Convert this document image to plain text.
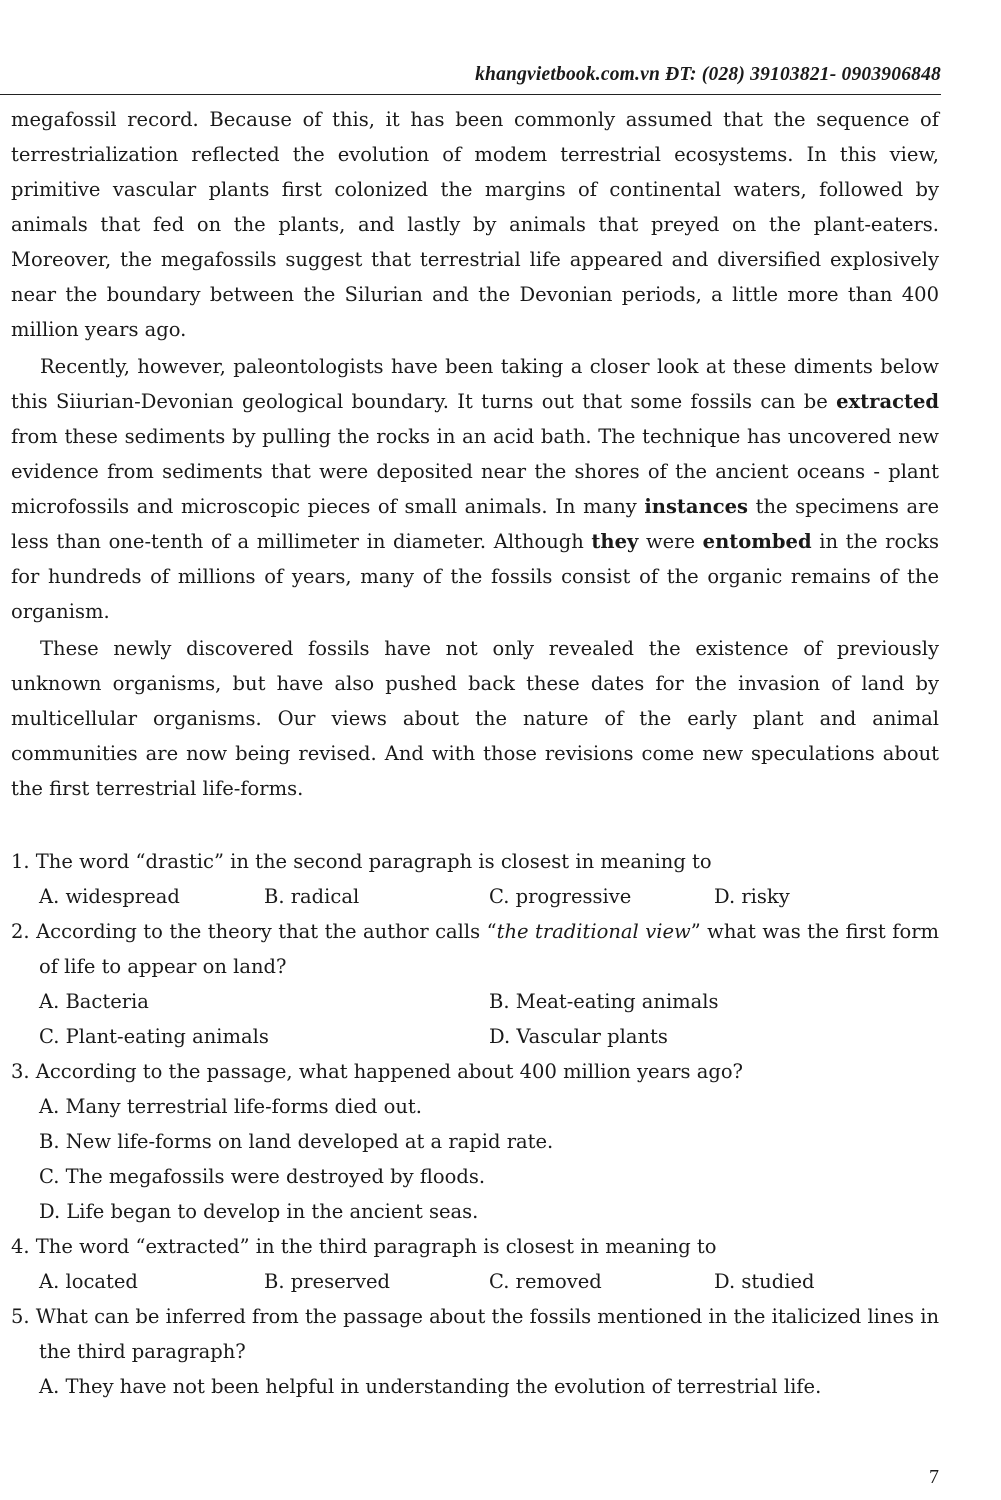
khangvietbook.com.vn ĐT: (028) 39103821- 0903906848

megafossil record. Because of this, it has been commonly assumed that the sequence of terrestrialization reflected the evolution of modem terrestrial ecosystems. In this view, primitive vascular plants first colonized the margins of continental waters, followed by animals that fed on the plants, and lastly by animals that preyed on the plant-eaters. Moreover, the megafossils suggest that terrestrial life appeared and diversified explosively near the boundary between the Silurian and the Devonian periods, a little more than 400 million years ago.

Recently, however, paleontologists have been taking a closer look at these diments below this Siiurian-Devonian geological boundary. It turns out that some fossils can be extracted from these sediments by pulling the rocks in an acid bath. The technique has uncovered new evidence from sediments that were deposited near the shores of the ancient oceans - plant microfossils and microscopic pieces of small animals. In many instances the specimens are less than one-tenth of a millimeter in diameter. Although they were entombed in the rocks for hundreds of millions of years, many of the fossils consist of the organic remains of the organism.

These newly discovered fossils have not only revealed the existence of previously unknown organisms, but have also pushed back these dates for the invasion of land by multicellular organisms. Our views about the nature of the early plant and animal communities are now being revised. And with those revisions come new speculations about the first terrestrial life-forms.

1. The word “drastic” in the second paragraph is closest in meaning to
A. widespread	B. radical	C. progressive	D. risky
2. According to the theory that the author calls “the traditional view” what was the first form of life to appear on land?
A. Bacteria	B. Meat-eating animals
C. Plant-eating animals	D. Vascular plants
3. According to the passage, what happened about 400 million years ago?
A. Many terrestrial life-forms died out.
B. New life-forms on land developed at a rapid rate.
C. The megafossils were destroyed by floods.
D. Life began to develop in the ancient seas.
4. The word “extracted” in the third paragraph is closest in meaning to
A. located	B. preserved	C. removed	D. studied
5. What can be inferred from the passage about the fossils mentioned in the italicized lines in the third paragraph?
A. They have not been helpful in understanding the evolution of terrestrial life.
7
